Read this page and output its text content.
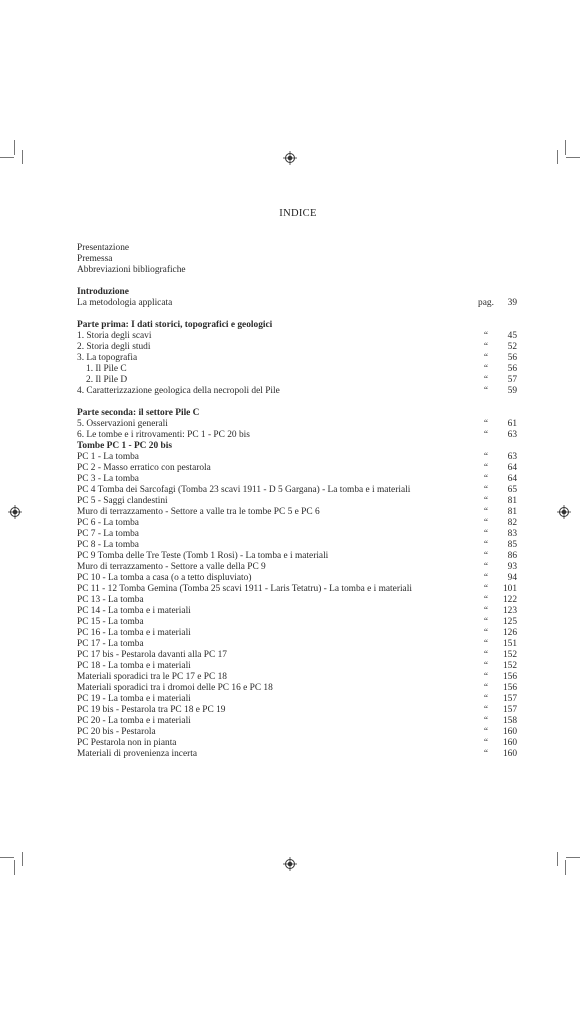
INDICE
Presentazione
Premessa
Abbreviazioni bibliografiche
Introduzione
La metodologia applicata	pag.	39
Parte prima: I dati storici, topografici e geologici
1. Storia degli scavi	“	45
2. Storia degli studi	“	52
3. La topografia	“	56
1. Il Pile C	“	56
2. Il Pile D	“	57
4. Caratterizzazione geologica della necropoli del Pile	“	59
Parte seconda: il settore Pile C
5. Osservazioni generali	“	61
6. Le tombe e i ritrovamenti: PC 1 - PC 20 bis	“	63
Tombe PC 1 - PC 20 bis
PC 1 - La tomba	“	63
PC 2 - Masso erratico con pestarola	“	64
PC 3 - La tomba	“	64
PC 4 Tomba dei Sarcofagi (Tomba 23 scavi 1911 - D 5 Gargana) - La tomba e i materiali	“	65
PC 5 - Saggi clandestini	“	81
Muro di terrazzamento - Settore a valle tra le tombe PC 5 e PC 6	“	81
PC 6 - La tomba	“	82
PC 7 - La tomba	“	83
PC 8 - La tomba	“	85
PC 9 Tomba delle Tre Teste (Tomb 1 Rosi) - La tomba e i materiali	“	86
Muro di terrazzamento - Settore a valle della PC 9	“	93
PC 10 - La tomba a casa (o a tetto displuviato)	“	94
PC 11 - 12 Tomba Gemina (Tomba 25 scavi 1911 - Laris Tetatru) - La tomba e i materiali	“	101
PC 13 - La tomba	“	122
PC 14 - La tomba e i materiali	“	123
PC 15 - La tomba	“	125
PC 16 - La tomba e i materiali	“	126
PC 17 - La tomba	“	151
PC 17 bis - Pestarola davanti alla PC 17	“	152
PC 18 - La tomba e i materiali	“	152
Materiali sporadici tra le PC 17 e PC 18	“	156
Materiali sporadici tra i dromoi delle PC 16 e PC 18	“	156
PC 19 - La tomba e i materiali	“	157
PC 19 bis - Pestarola tra PC 18 e PC 19	“	157
PC 20 - La tomba e i materiali	“	158
PC 20 bis - Pestarola	“	160
PC Pestarola non in pianta	“	160
Materiali di provenienza incerta	“	160
